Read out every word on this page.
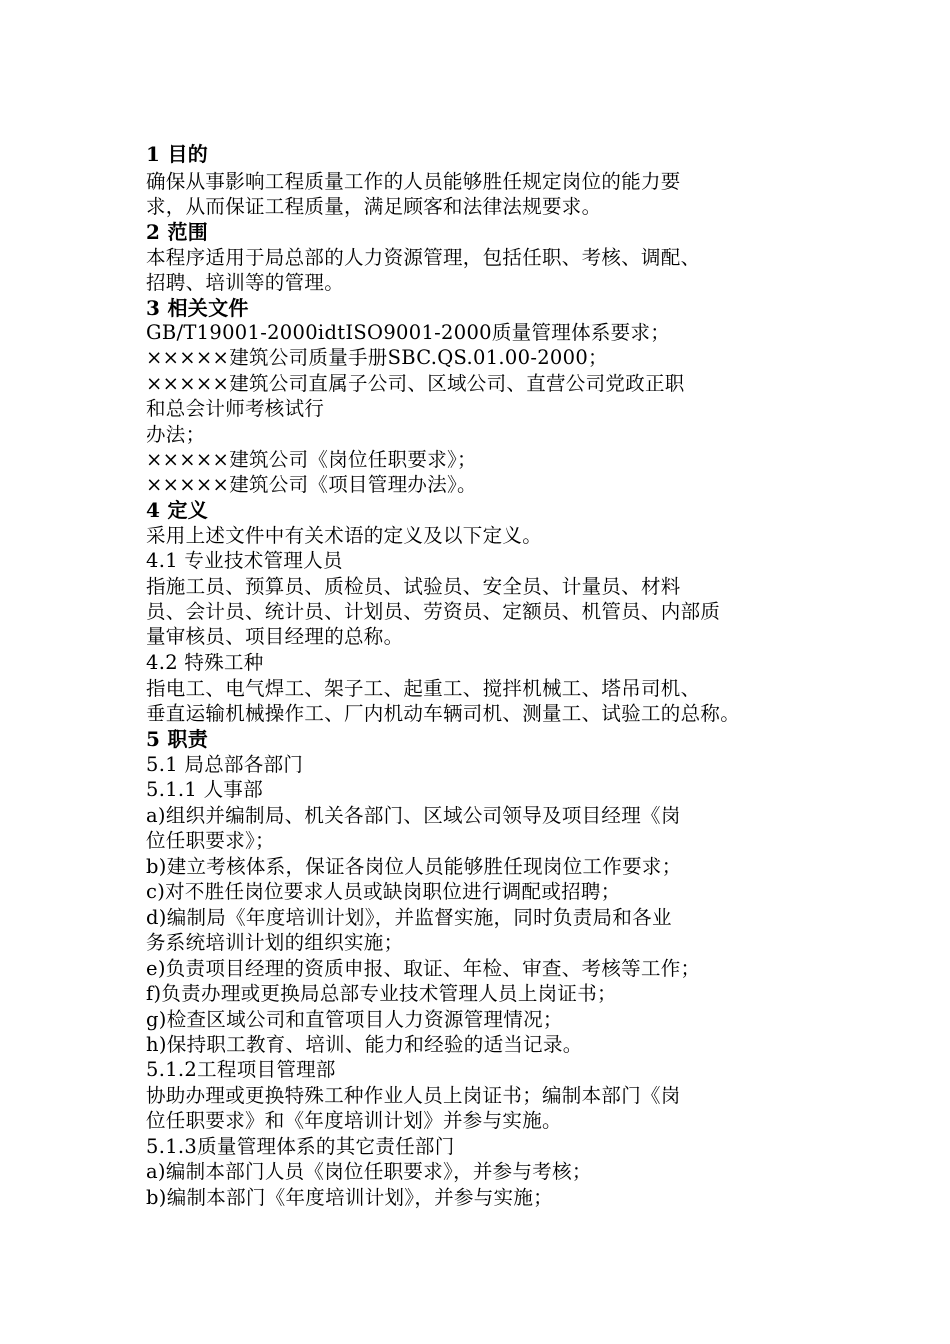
1 目的
确保从事影响工程质量工作的人员能够胜任规定岗位的能力要
求，从而保证工程质量，满足顾客和法律法规要求。
2 范围
本程序适用于局总部的人力资源管理，包括任职、考核、调配、
招聘、培训等的管理。
3 相关文件
GB/T19001-2000idtISO9001-2000质量管理体系要求；
×××××建筑公司质量手册SBC.QS.01.00-2000；
×××××建筑公司直属子公司、区域公司、直营公司党政正职
和总会计师考核试行
办法；
×××××建筑公司《岗位任职要求》；
×××××建筑公司《项目管理办法》。
4 定义
采用上述文件中有关术语的定义及以下定义。
4.1 专业技术管理人员
指施工员、预算员、质检员、试验员、安全员、计量员、材料
员、会计员、统计员、计划员、劳资员、定额员、机管员、内部质
量审核员、项目经理的总称。
4.2 特殊工种
指电工、电气焊工、架子工、起重工、搅拌机械工、塔吊司机、
垂直运输机械操作工、厂内机动车辆司机、测量工、试验工的总称。
5 职责
5.1 局总部各部门
5.1.1 人事部
a)组织并编制局、机关各部门、区域公司领导及项目经理《岗
位任职要求》；
b)建立考核体系，保证各岗位人员能够胜任现岗位工作要求；
c)对不胜任岗位要求人员或缺岗职位进行调配或招聘；
d)编制局《年度培训计划》，并监督实施，同时负责局和各业
务系统培训计划的组织实施；
e)负责项目经理的资质申报、取证、年检、审查、考核等工作；
f)负责办理或更换局总部专业技术管理人员上岗证书；
g)检查区域公司和直管项目人力资源管理情况；
h)保持职工教育、培训、能力和经验的适当记录。
5.1.2工程项目管理部
协助办理或更换特殊工种作业人员上岗证书；编制本部门《岗
位任职要求》和《年度培训计划》并参与实施。
5.1.3质量管理体系的其它责任部门
a)编制本部门人员《岗位任职要求》，并参与考核；
b)编制本部门《年度培训计划》，并参与实施；
